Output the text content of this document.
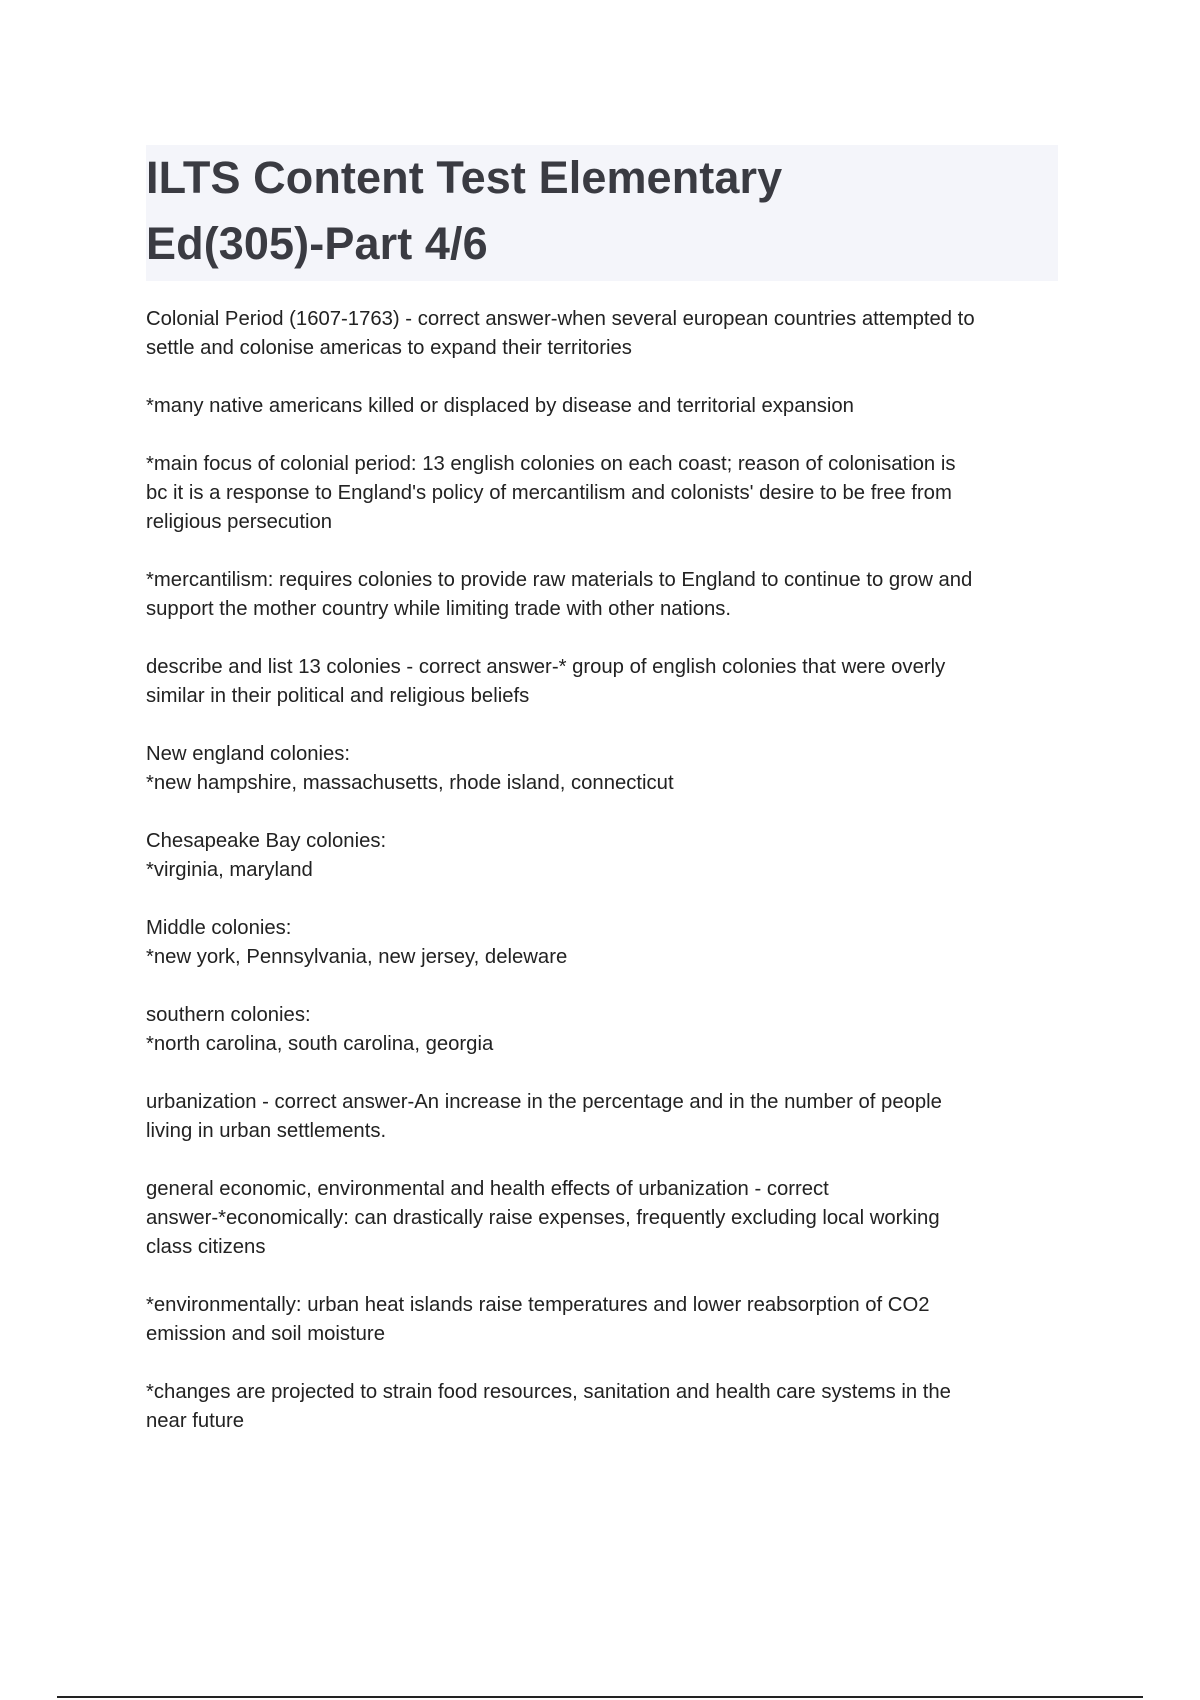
ILTS Content Test Elementary
Ed(305)-Part 4/6

Colonial Period (1607-1763) - correct answer-when several european countries attempted to
settle and colonise americas to expand their territories

*many native americans killed or displaced by disease and territorial expansion

*main focus of colonial period: 13 english colonies on each coast; reason of colonisation is
bc it is a response to England's policy of mercantilism and colonists' desire to be free from
religious persecution

*mercantilism: requires colonies to provide raw materials to England to continue to grow and
support the mother country while limiting trade with other nations.

describe and list 13 colonies - correct answer-* group of english colonies that were overly
similar in their political and religious beliefs

New england colonies:
*new hampshire, massachusetts, rhode island, connecticut

Chesapeake Bay colonies:
*virginia, maryland

Middle colonies:
*new york, Pennsylvania, new jersey, deleware

southern colonies:
*north carolina, south carolina, georgia

urbanization - correct answer-An increase in the percentage and in the number of people
living in urban settlements.

general economic, environmental and health effects of urbanization - correct
answer-*economically: can drastically raise expenses, frequently excluding local working
class citizens

*environmentally: urban heat islands raise temperatures and lower reabsorption of CO2
emission and soil moisture

*changes are projected to strain food resources, sanitation and health care systems in the
near future
